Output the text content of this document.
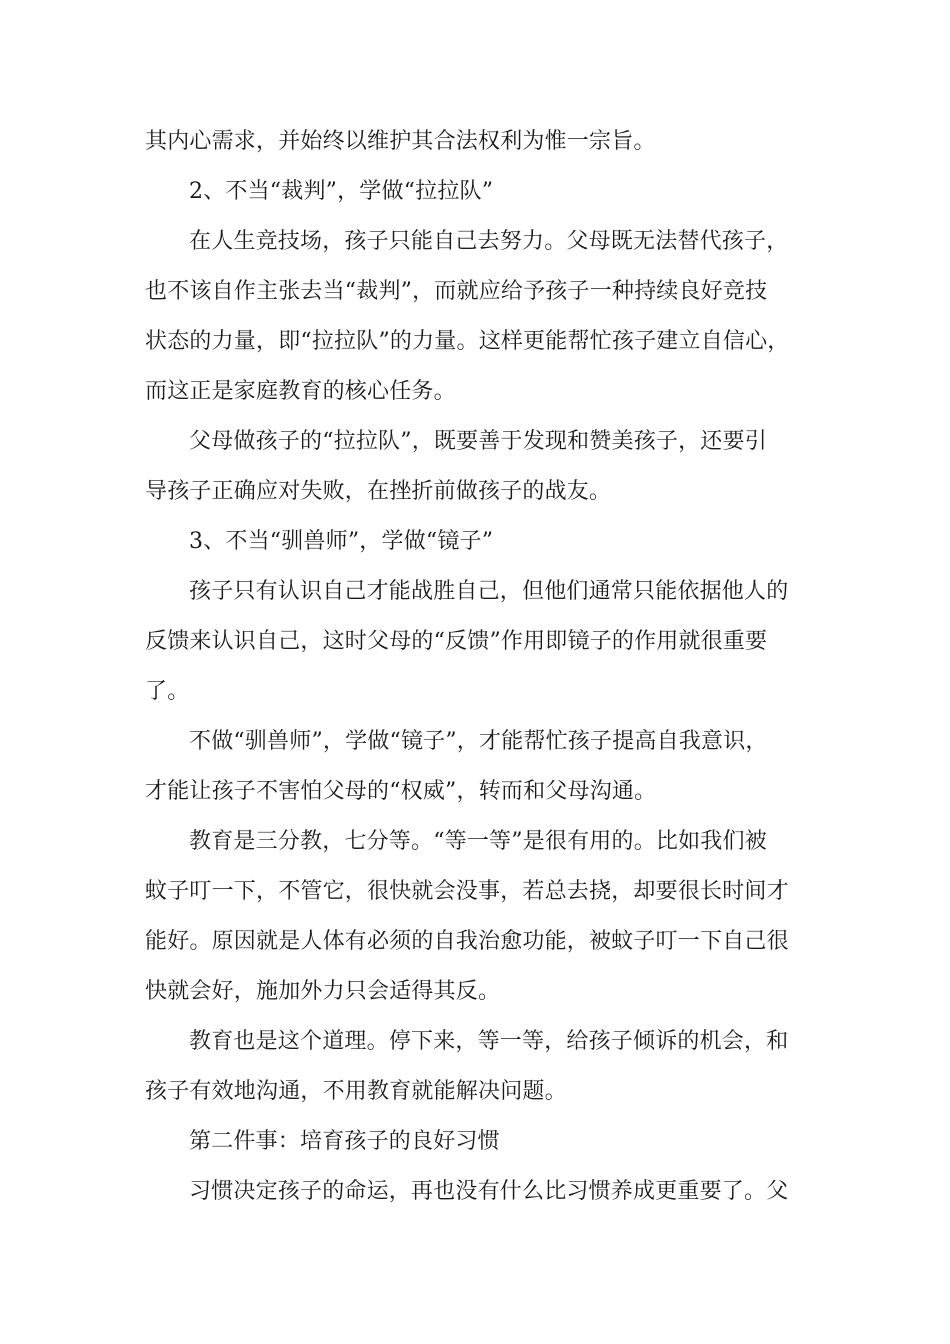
其内心需求，并始终以维护其合法权利为惟一宗旨。
2、不当“裁判”，学做“拉拉队”
在人生竞技场，孩子只能自己去努力。父母既无法替代孩子，
也不该自作主张去当“裁判”，而就应给予孩子一种持续良好竞技
状态的力量，即“拉拉队”的力量。这样更能帮忙孩子建立自信心，
而这正是家庭教育的核心任务。
父母做孩子的“拉拉队”，既要善于发现和赞美孩子，还要引
导孩子正确应对失败，在挫折前做孩子的战友。
3、不当“驯兽师”，学做“镜子”
孩子只有认识自己才能战胜自己，但他们通常只能依据他人的
反馈来认识自己，这时父母的“反馈”作用即镜子的作用就很重要
了。
不做“驯兽师”，学做“镜子”，才能帮忙孩子提高自我意识，
才能让孩子不害怕父母的“权威”，转而和父母沟通。
教育是三分教，七分等。“等一等”是很有用的。比如我们被
蚊子叮一下，不管它，很快就会没事，若总去挠，却要很长时间才
能好。原因就是人体有必须的自我治愈功能，被蚊子叮一下自己很
快就会好，施加外力只会适得其反。
教育也是这个道理。停下来，等一等，给孩子倾诉的机会，和
孩子有效地沟通，不用教育就能解决问题。
第二件事：培育孩子的良好习惯
习惯决定孩子的命运，再也没有什么比习惯养成更重要了。父
